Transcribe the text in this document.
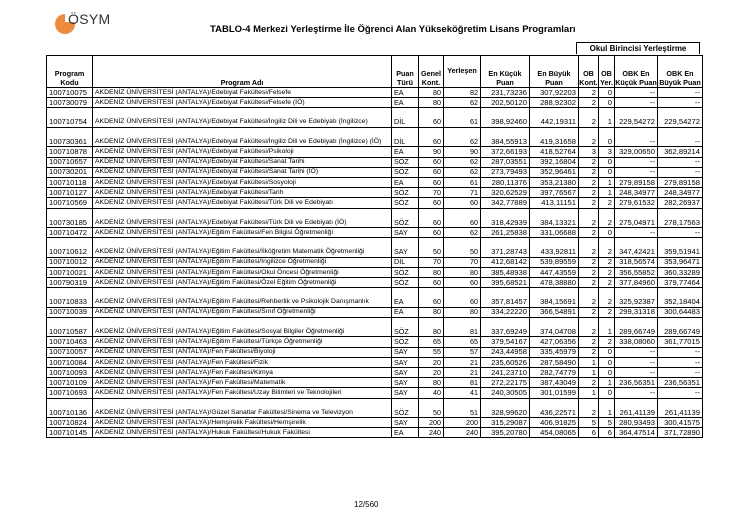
ÖSYM
TABLO-4 Merkezi Yerleştirme İle Öğrenci Alan Yükseköğretim Lisans Programları
Okul Birincisi Yerleştirme
Program Kodu	Program Adı	Puan Türü	Genel Kont.	Yerleşen	En Küçük Puan	En Büyük Puan	OB Kont.	OB Yer.	OBK En Küçük Puan	OBK En Büyük Puan
100710075	AKDENİZ ÜNİVERSİTESİ (ANTALYA)/Edebiyat Fakültesi/Felsefe	EA	80	82	231,73236	307,92203	2	0	--	--
100730079	AKDENİZ ÜNİVERSİTESİ (ANTALYA)/Edebiyat Fakültesi/Felsefe (İÖ)	EA	80	62	202,50120	288,92302	2	0	--	--
100710754	AKDENİZ ÜNİVERSİTESİ (ANTALYA)/Edebiyat Fakültesi/İngiliz Dili ve Edebiyatı (İngilizce)	DİL	60	61	398,92460	442,19311	2	1	229,54272	229,54272
100730361	AKDENİZ ÜNİVERSİTESİ (ANTALYA)/Edebiyat Fakültesi/İngiliz Dili ve Edebiyatı (İngilizce) (İÖ)	DİL	60	62	384,55913	419,31658	2	0	--	--
100710878	AKDENİZ ÜNİVERSİTESİ (ANTALYA)/Edebiyat Fakültesi/Psikoloji	EA	90	90	372,66193	418,52764	3	3	329,00650	362,89214
100710657	AKDENİZ ÜNİVERSİTESİ (ANTALYA)/Edebiyat Fakültesi/Sanat Tarihi	SÖZ	60	62	287,03551	392,16804	2	0	--	--
100730201	AKDENİZ ÜNİVERSİTESİ (ANTALYA)/Edebiyat Fakültesi/Sanat Tarihi (İÖ)	SÖZ	60	62	273,79493	352,96461	2	0	--	--
100710118	AKDENİZ ÜNİVERSİTESİ (ANTALYA)/Edebiyat Fakültesi/Sosyoloji	EA	60	61	280,11376	353,21380	2	1	279,89158	279,89158
100710127	AKDENİZ ÜNİVERSİTESİ (ANTALYA)/Edebiyat Fakültesi/Tarih	SÖZ	70	71	320,62529	397,76567	2	1	248,34977	248,34977
100710569	AKDENİZ ÜNİVERSİTESİ (ANTALYA)/Edebiyat Fakültesi/Türk Dili ve Edebiyatı	SÖZ	60	60	342,77889	413,11151	2	2	279,61532	282,26937
100730185	AKDENİZ ÜNİVERSİTESİ (ANTALYA)/Edebiyat Fakültesi/Türk Dili ve Edebiyatı (İÖ)	SÖZ	60	60	318,42939	384,13321	2	2	275,04971	278,17563
100710472	AKDENİZ ÜNİVERSİTESİ (ANTALYA)/Eğitim Fakültesi/Fen Bilgisi Öğretmenliği	SAY	60	62	261,25838	331,06688	2	0	--	--
100710612	AKDENİZ ÜNİVERSİTESİ (ANTALYA)/Eğitim Fakültesi/İlköğretim Matematik Öğretmenliği	SAY	50	50	371,28743	433,92811	2	2	347,42421	359,51941
100710012	AKDENİZ ÜNİVERSİTESİ (ANTALYA)/Eğitim Fakültesi/İngilizce Öğretmenliği	DİL	70	70	412,68142	539,89559	2	2	318,56574	353,96471
100710021	AKDENİZ ÜNİVERSİTESİ (ANTALYA)/Eğitim Fakültesi/Okul Öncesi Öğretmenliği	SÖZ	80	80	385,48938	447,43559	2	2	356,55852	360,33289
100790319	AKDENİZ ÜNİVERSİTESİ (ANTALYA)/Eğitim Fakültesi/Özel Eğitim Öğretmenliği	SÖZ	60	60	395,68521	478,38880	2	2	377,84960	379,77464
100710833	AKDENİZ ÜNİVERSİTESİ (ANTALYA)/Eğitim Fakültesi/Rehberlik ve Psikolojik Danışmanlık	EA	60	60	357,81457	384,15691	2	2	325,92387	352,18404
100710039	AKDENİZ ÜNİVERSİTESİ (ANTALYA)/Eğitim Fakültesi/Sınıf Öğretmenliği	EA	80	80	334,22220	366,54891	2	2	299,31318	300,64483
100710587	AKDENİZ ÜNİVERSİTESİ (ANTALYA)/Eğitim Fakültesi/Sosyal Bilgiler Öğretmenliği	SÖZ	80	81	337,69249	374,04708	2	1	289,66749	289,66749
100710463	AKDENİZ ÜNİVERSİTESİ (ANTALYA)/Eğitim Fakültesi/Türkçe Öğretmenliği	SÖZ	65	65	379,54167	427,06356	2	2	338,08060	361,77015
100710057	AKDENİZ ÜNİVERSİTESİ (ANTALYA)/Fen Fakültesi/Biyoloji	SAY	55	57	243,44958	335,45979	2	0	--	--
100710084	AKDENİZ ÜNİVERSİTESİ (ANTALYA)/Fen Fakültesi/Fizik	SAY	20	21	235,60526	287,58490	1	0	--	--
100710093	AKDENİZ ÜNİVERSİTESİ (ANTALYA)/Fen Fakültesi/Kimya	SAY	20	21	241,23710	282,74779	1	0	--	--
100710109	AKDENİZ ÜNİVERSİTESİ (ANTALYA)/Fen Fakültesi/Matematik	SAY	80	81	272,22175	387,43049	2	1	236,56351	236,56351
100710693	AKDENİZ ÜNİVERSİTESİ (ANTALYA)/Fen Fakültesi/Uzay Bilimleri ve Teknolojileri	SAY	40	41	240,30505	301,01599	1	0	--	--
100710136	AKDENİZ ÜNİVERSİTESİ (ANTALYA)/Güzel Sanatlar Fakültesi/Sinema ve Televizyon	SÖZ	50	51	328,99620	436,22571	2	1	261,41139	261,41139
100710824	AKDENİZ ÜNİVERSİTESİ (ANTALYA)/Hemşirelik Fakültesi/Hemşirelik	SAY	200	200	315,29087	406,91825	5	5	280,93493	300,41575
100710145	AKDENİZ ÜNİVERSİTESİ (ANTALYA)/Hukuk Fakültesi/Hukuk Fakültesi	EA	240	240	395,20780	454,08065	6	6	364,47514	371,72890
12/560
